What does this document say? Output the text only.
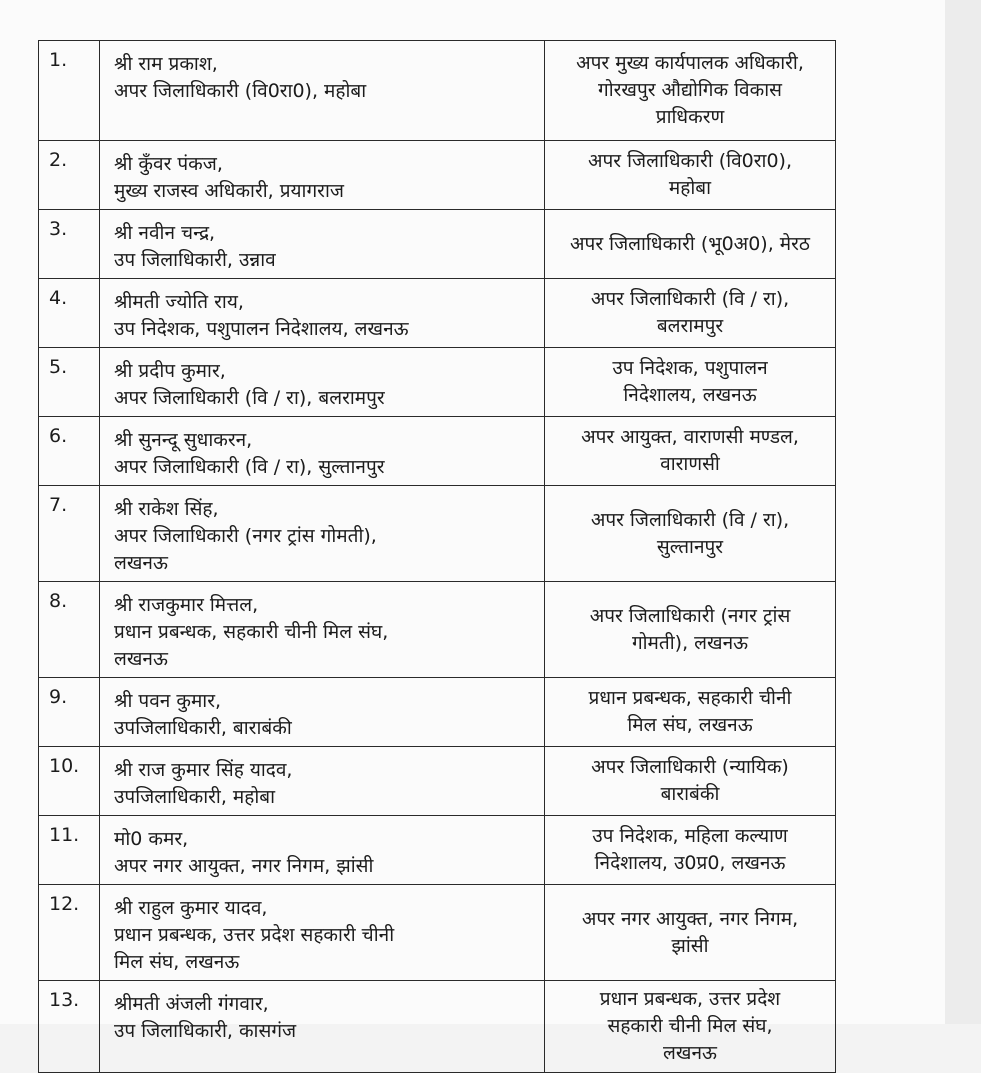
1.	श्री राम प्रकाश,
अपर जिलाधिकारी (वि0रा0), महोबा	अपर मुख्य कार्यपालक अधिकारी,
गोरखपुर औद्योगिक विकास
प्राधिकरण

2.	श्री कुँवर पंकज,
मुख्य राजस्व अधिकारी, प्रयागराज	अपर जिलाधिकारी (वि0रा0),
महोबा

3.	श्री नवीन चन्द्र,
उप जिलाधिकारी, उन्नाव	अपर जिलाधिकारी (भू0अ0), मेरठ

4.	श्रीमती ज्योति राय,
उप निदेशक, पशुपालन निदेशालय, लखनऊ	अपर जिलाधिकारी (वि / रा),
बलरामपुर

5.	श्री प्रदीप कुमार,
अपर जिलाधिकारी (वि / रा), बलरामपुर	उप निदेशक, पशुपालन
निदेशालय, लखनऊ

6.	श्री सुनन्दू सुधाकरन,
अपर जिलाधिकारी (वि / रा), सुल्तानपुर	अपर आयुक्त, वाराणसी मण्डल,
वाराणसी

7.	श्री राकेश सिंह,
अपर जिलाधिकारी (नगर ट्रांस गोमती),
लखनऊ	अपर जिलाधिकारी (वि / रा),
सुल्तानपुर

8.	श्री राजकुमार मित्तल,
प्रधान प्रबन्धक, सहकारी चीनी मिल संघ,
लखनऊ	अपर जिलाधिकारी (नगर ट्रांस
गोमती), लखनऊ

9.	श्री पवन कुमार,
उपजिलाधिकारी, बाराबंकी	प्रधान प्रबन्धक, सहकारी चीनी
मिल संघ, लखनऊ

10.	श्री राज कुमार सिंह यादव,
उपजिलाधिकारी, महोबा	अपर जिलाधिकारी (न्यायिक)
बाराबंकी

11.	मो0 कमर,
अपर नगर आयुक्त, नगर निगम, झांसी	उप निदेशक, महिला कल्याण
निदेशालय, उ0प्र0, लखनऊ

12.	श्री राहुल कुमार यादव,
प्रधान प्रबन्धक, उत्तर प्रदेश सहकारी चीनी
मिल संघ, लखनऊ	अपर नगर आयुक्त, नगर निगम,
झांसी

13.	श्रीमती अंजली गंगवार,
उप जिलाधिकारी, कासगंज	प्रधान प्रबन्धक, उत्तर प्रदेश
सहकारी चीनी मिल संघ,
लखनऊ
